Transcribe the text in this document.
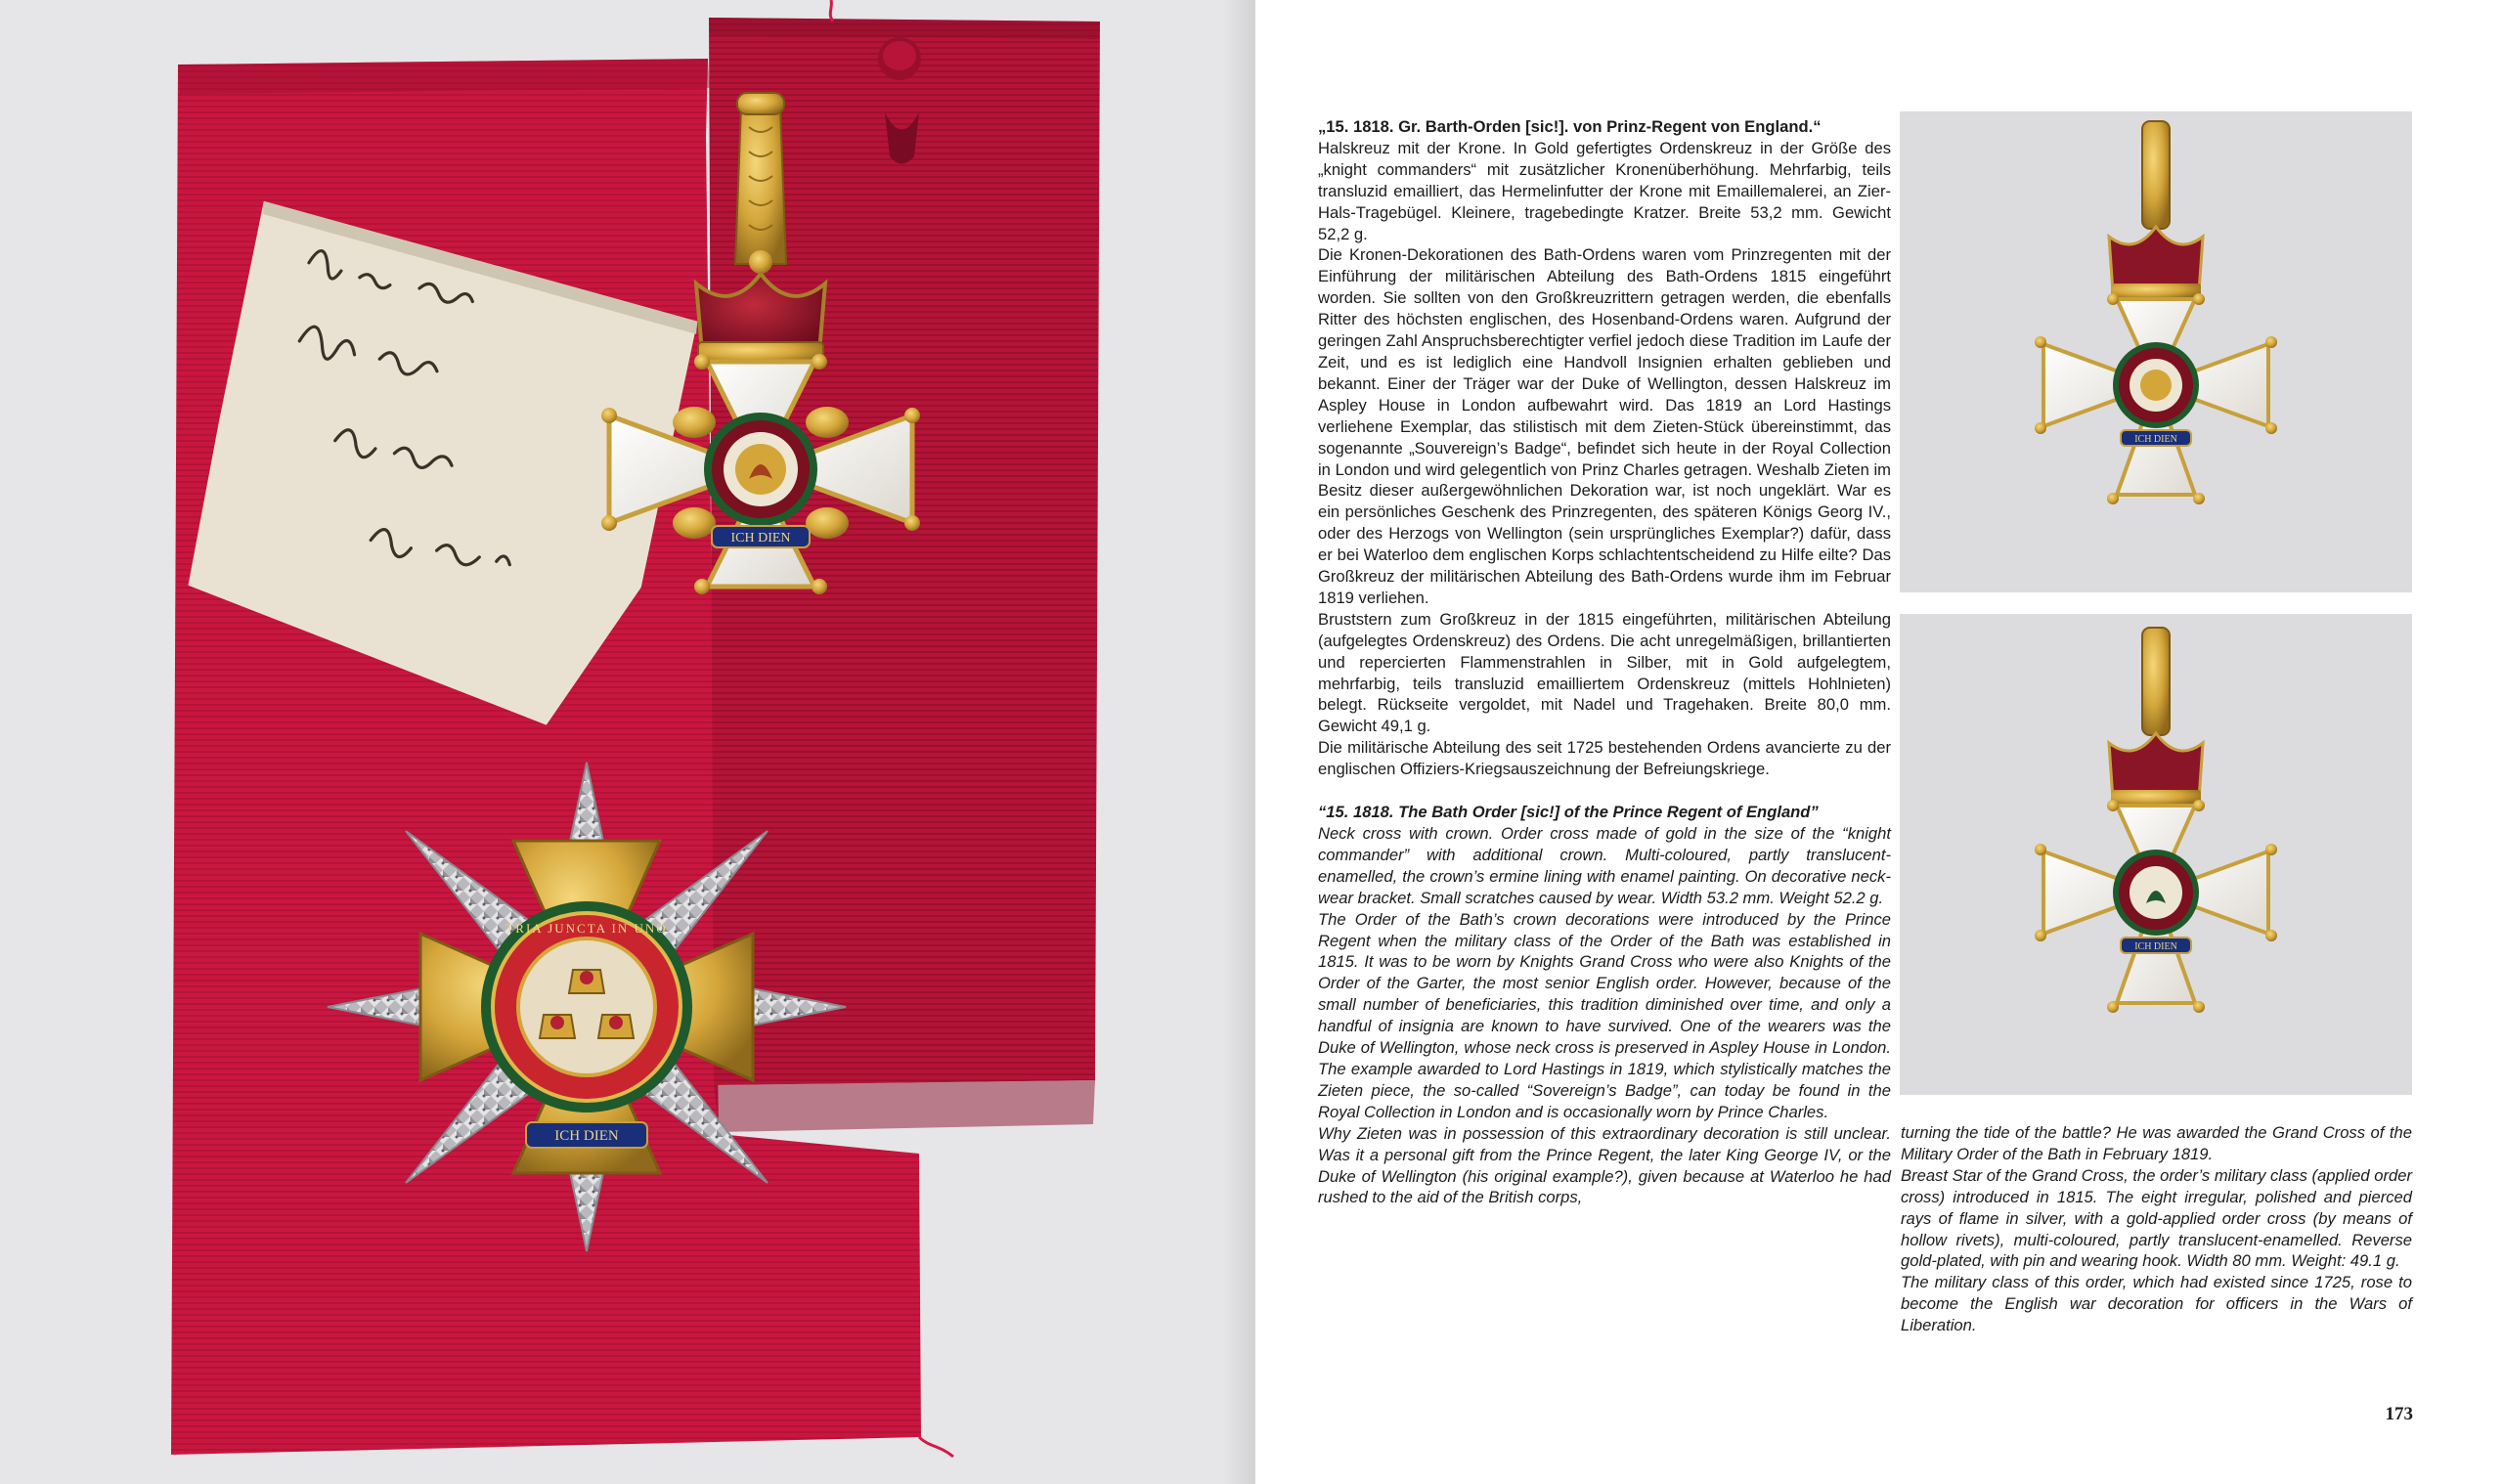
ICH DIEN
TRIA JUNCTA IN UNO
ICH DIEN

„15. 1818. Gr. Barth-Orden [sic!]. von Prinz-Regent von England.“

Halskreuz mit der Krone. In Gold gefertigtes Ordenskreuz in der Größe des „knight commanders“ mit zusätzlicher Kronenüberhöhung. Mehrfarbig, teils transluzid emailliert, das Hermelinfutter der Krone mit Emaillemalerei, an Zier-Hals-Tragebügel. Kleinere, tragebedingte Kratzer. Breite 53,2 mm. Gewicht 52,2 g.

Die Kronen-Dekorationen des Bath-Ordens waren vom Prinzregenten mit der Einführung der militärischen Abteilung des Bath-Ordens 1815 eingeführt worden. Sie sollten von den Großkreuzrittern getragen werden, die ebenfalls Ritter des höchsten englischen, des Hosenband-Ordens waren. Aufgrund der geringen Zahl Anspruchsberechtigter verfiel jedoch diese Tradition im Laufe der Zeit, und es ist lediglich eine Handvoll Insignien erhalten geblieben und bekannt. Einer der Träger war der Duke of Wellington, dessen Halskreuz im Aspley House in London aufbewahrt wird. Das 1819 an Lord Hastings verliehene Exemplar, das stilistisch mit dem Zieten-Stück übereinstimmt, das sogenannte „Souvereign’s Badge“, befindet sich heute in der Royal Collection in London und wird gelegentlich von Prinz Charles getragen. Weshalb Zieten im Besitz dieser außergewöhnlichen Dekoration war, ist noch ungeklärt. War es ein persönliches Geschenk des Prinzregenten, des späteren Königs Georg IV., oder des Herzogs von Wellington (sein ursprüngliches Exemplar?) dafür, dass er bei Waterloo dem englischen Korps schlachtentscheidend zu Hilfe eilte? Das Großkreuz der militärischen Abteilung des Bath-Ordens wurde ihm im Februar 1819 verliehen.

Bruststern zum Großkreuz in der 1815 eingeführten, militärischen Abteilung (aufgelegtes Ordenskreuz) des Ordens. Die acht unregelmäßigen, brillantierten und repercierten Flammenstrahlen in Silber, mit in Gold aufgelegtem, mehrfarbig, teils transluzid emailliertem Ordenskreuz (mittels Hohlnieten) belegt. Rückseite vergoldet, mit Nadel und Tragehaken. Breite 80,0 mm. Gewicht 49,1 g.

Die militärische Abteilung des seit 1725 bestehenden Ordens avancierte zu der englischen Offiziers-Kriegsauszeichnung der Befreiungskriege.

“15. 1818. The Bath Order [sic!] of the Prince Regent of England”

Neck cross with crown. Order cross made of gold in the size of the “knight commander” with additional crown. Multi-coloured, partly translucent-enamelled, the crown’s ermine lining with enamel painting. On decorative neck-wear bracket. Small scratches caused by wear. Width 53.2 mm. Weight 52.2 g.

The Order of the Bath’s crown decorations were introduced by the Prince Regent when the military class of the Order of the Bath was established in 1815. It was to be worn by Knights Grand Cross who were also Knights of the Order of the Garter, the most senior English order. However, because of the small number of beneficiaries, this tradition diminished over time, and only a handful of insignia are known to have survived. One of the wearers was the Duke of Wellington, whose neck cross is preserved in Aspley House in London. The example awarded to Lord Hastings in 1819, which stylistically matches the Zieten piece, the so-called “Sovereign’s Badge”, can today be found in the Royal Collection in London and is occasionally worn by Prince Charles.

Why Zieten was in possession of this extraordinary decoration is still unclear. Was it a personal gift from the Prince Regent, the later King George IV, or the Duke of Wellington (his original example?), given because at Waterloo he had rushed to the aid of the British corps,

ICH DIEN
ICH DIEN

turning the tide of the battle? He was awarded the Grand Cross of the Military Order of the Bath in February 1819.

Breast Star of the Grand Cross, the order’s military class (applied order cross) introduced in 1815. The eight irregular, polished and pierced rays of flame in silver, with a gold-applied order cross (by means of hollow rivets), multi-coloured, partly translucent-enamelled. Reverse gold-plated, with pin and wearing hook. Width 80 mm. Weight: 49.1 g.

The military class of this order, which had existed since 1725, rose to become the English war decoration for officers in the Wars of Liberation.

173
